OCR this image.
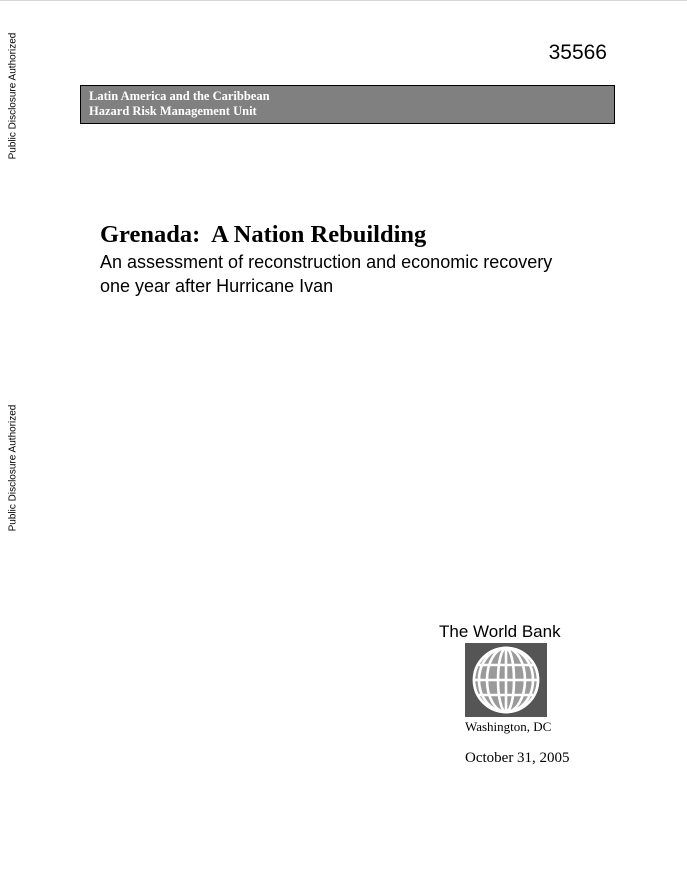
Public Disclosure Authorized
Public Disclosure Authorized
35566
Latin America and the Caribbean
Hazard Risk Management Unit
Grenada:  A Nation Rebuilding
An assessment of reconstruction and economic recovery one year after Hurricane Ivan
The World Bank
Washington, DC
October 31, 2005
